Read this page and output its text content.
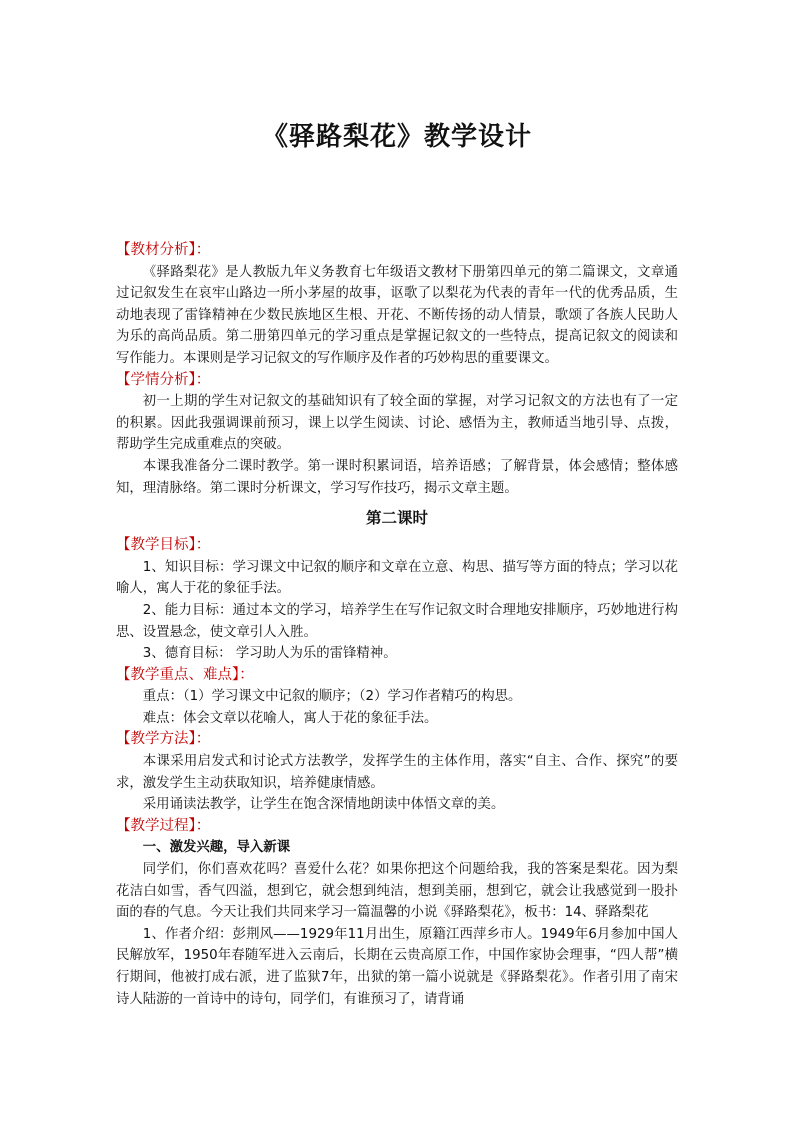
《驿路梨花》教学设计

【教材分析】：

《驿路梨花》是人教版九年义务教育七年级语文教材下册第四单元的第二篇课文，文章通过记叙发生在哀牢山路边一所小茅屋的故事，讴歌了以梨花为代表的青年一代的优秀品质，生动地表现了雷锋精神在少数民族地区生根、开花、不断传扬的动人情景，歌颂了各族人民助人为乐的高尚品质。第二册第四单元的学习重点是掌握记叙文的一些特点，提高记叙文的阅读和写作能力。本课则是学习记叙文的写作顺序及作者的巧妙构思的重要课文。

【学情分析】：

初一上期的学生对记叙文的基础知识有了较全面的掌握，对学习记叙文的方法也有了一定的积累。因此我强调课前预习，课上以学生阅读、讨论、感悟为主，教师适当地引导、点拨，帮助学生完成重难点的突破。

本课我准备分二课时教学。第一课时积累词语，培养语感；了解背景，体会感情；整体感知，理清脉络。第二课时分析课文，学习写作技巧，揭示文章主题。

第二课时

【教学目标】：

1、知识目标：学习课文中记叙的顺序和文章在立意、构思、描写等方面的特点；学习以花喻人，寓人于花的象征手法。

2、能力目标：通过本文的学习，培养学生在写作记叙文时合理地安排顺序，巧妙地进行构思、设置悬念，使文章引人入胜。

3、德育目标： 学习助人为乐的雷锋精神。

【教学重点、难点】：

重点：（1）学习课文中记叙的顺序；（2）学习作者精巧的构思。

难点：体会文章以花喻人，寓人于花的象征手法。

【教学方法】：

本课采用启发式和讨论式方法教学，发挥学生的主体作用，落实“自主、合作、探究”的要求，激发学生主动获取知识，培养健康情感。

采用诵读法教学，让学生在饱含深情地朗读中体悟文章的美。

【教学过程】：

一、激发兴趣，导入新课

同学们，你们喜欢花吗？喜爱什么花？如果你把这个问题给我，我的答案是梨花。因为梨花洁白如雪，香气四溢，想到它，就会想到纯洁，想到美丽，想到它，就会让我感觉到一股扑面的春的气息。今天让我们共同来学习一篇温馨的小说《驿路梨花》，板书：14、驿路梨花

1、作者介绍：彭荆风——1929年11月出生，原籍江西萍乡市人。1949年6月参加中国人民解放军，1950年春随军进入云南后，长期在云贵高原工作，中国作家协会理事，“四人帮”横行期间，他被打成右派，进了监狱7年，出狱的第一篇小说就是《驿路梨花》。作者引用了南宋诗人陆游的一首诗中的诗句，同学们，有谁预习了，请背诵
